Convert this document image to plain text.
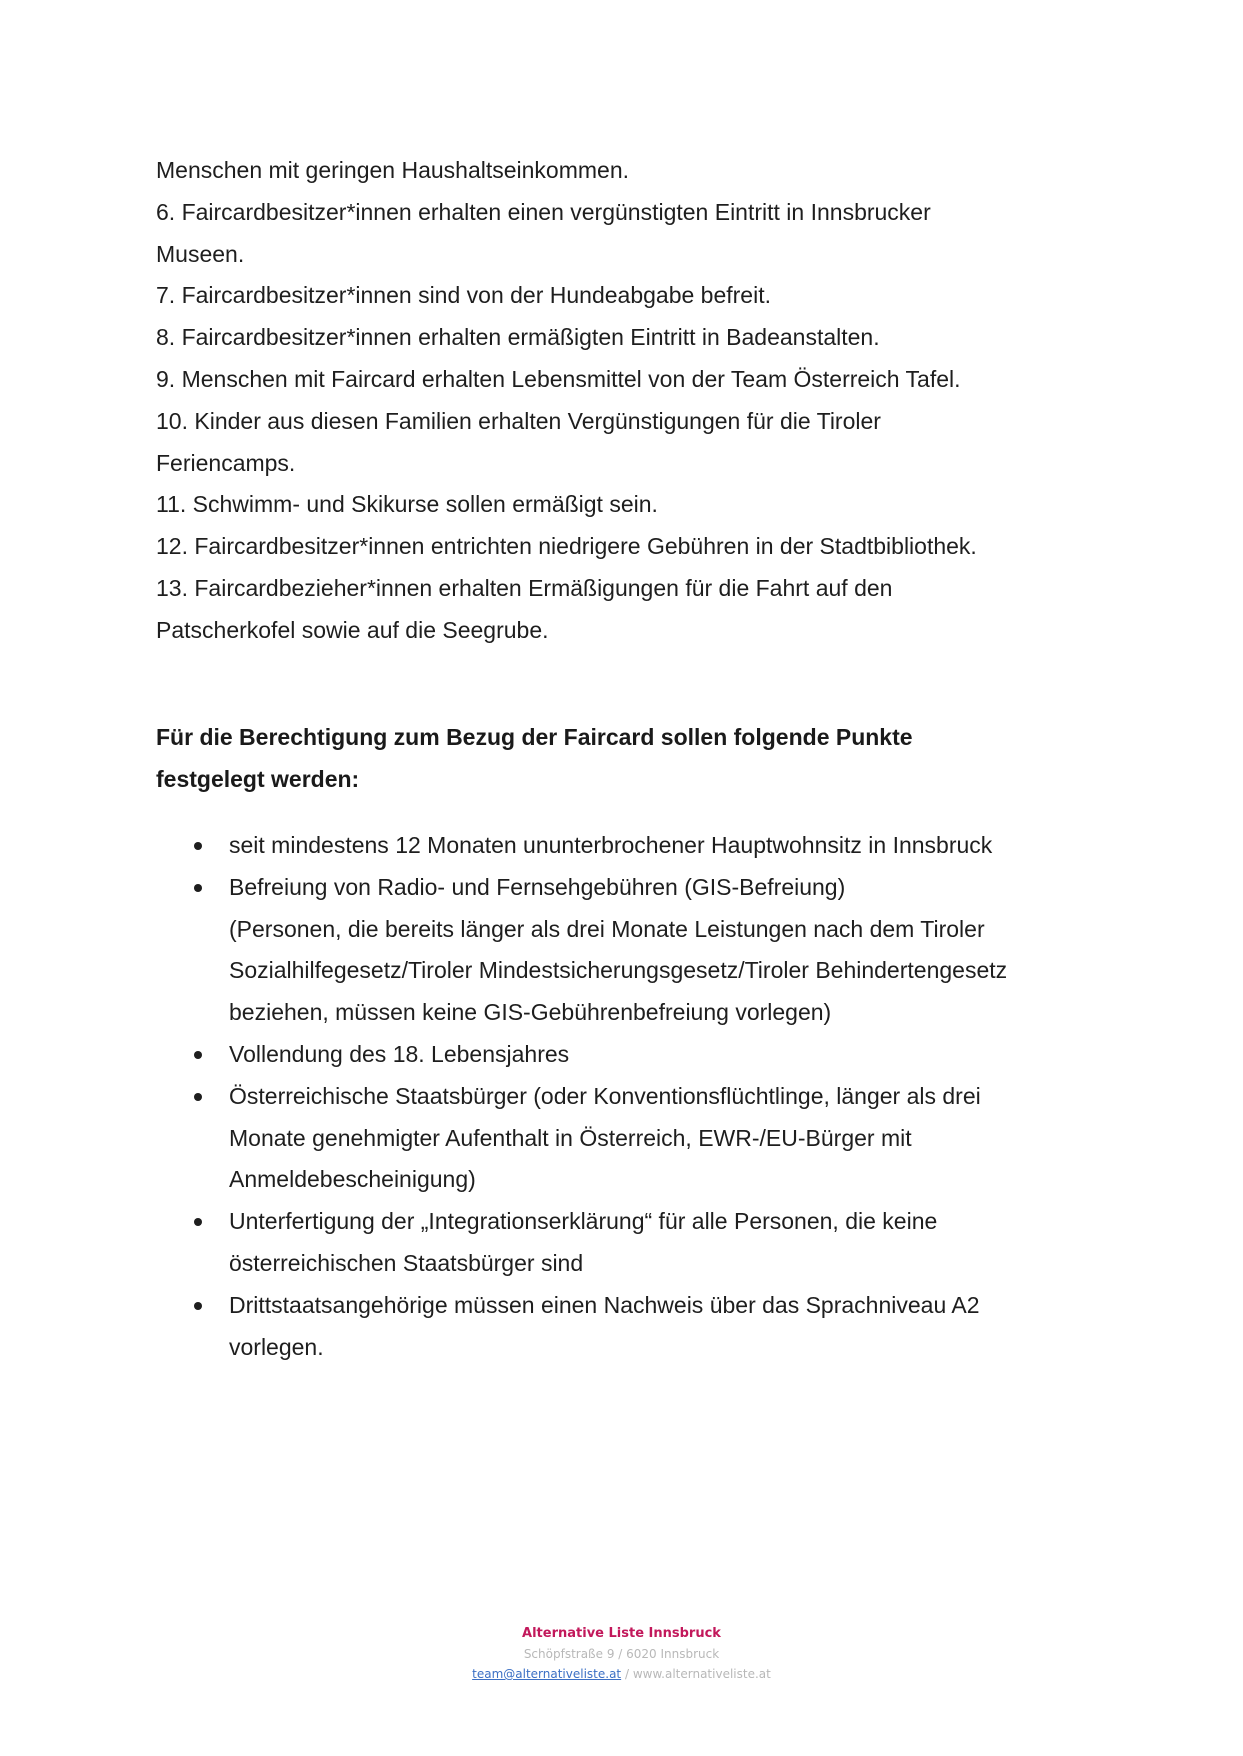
Menschen mit geringen Haushaltseinkommen.
6. Faircardbesitzer*innen erhalten einen vergünstigten Eintritt in Innsbrucker
Museen.
7. Faircardbesitzer*innen sind von der Hundeabgabe befreit.
8. Faircardbesitzer*innen erhalten ermäßigten Eintritt in Badeanstalten.
9. Menschen mit Faircard erhalten Lebensmittel von der Team Österreich Tafel.
10. Kinder aus diesen Familien erhalten Vergünstigungen für die Tiroler
Feriencamps.
11. Schwimm- und Skikurse sollen ermäßigt sein.
12. Faircardbesitzer*innen entrichten niedrigere Gebühren in der Stadtbibliothek.
13. Faircardbezieher*innen erhalten Ermäßigungen für die Fahrt auf den
Patscherkofel sowie auf die Seegrube.
Für die Berechtigung zum Bezug der Faircard sollen folgende Punkte
festgelegt werden:
seit mindestens 12 Monaten ununterbrochener Hauptwohnsitz in Innsbruck
Befreiung von Radio- und Fernsehgebühren (GIS-Befreiung)
(Personen, die bereits länger als drei Monate Leistungen nach dem Tiroler
Sozialhilfegesetz/Tiroler Mindestsicherungsgesetz/Tiroler Behindertengesetz
beziehen, müssen keine GIS-Gebührenbefreiung vorlegen)
Vollendung des 18. Lebensjahres
Österreichische Staatsbürger (oder Konventionsflüchtlinge, länger als drei
Monate genehmigter Aufenthalt in Österreich, EWR-/EU-Bürger mit
Anmeldebescheinigung)
Unterfertigung der „Integrationserklärung“ für alle Personen, die keine
österreichischen Staatsbürger sind
Drittstaatsangehörige müssen einen Nachweis über das Sprachniveau A2
vorlegen.
Alternative Liste Innsbruck
Schöpfstraße 9 / 6020 Innsbruck
team@alternativeliste.at / www.alternativeliste.at
